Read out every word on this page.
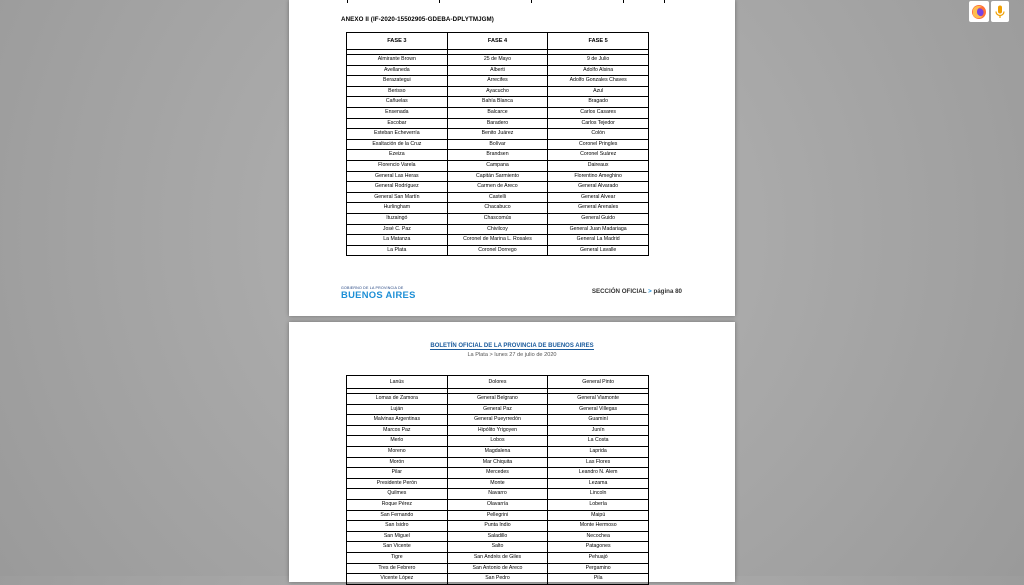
ANEXO II (IF-2020-15502905-GDEBA-DPLYTMJGM)
FASE 3	FASE 4	FASE 5

Almirante Brown	25 de Mayo	9 de Julio
Avellaneda	Alberti	Adolfo Alsina
Berazategui	Arrecifes	Adolfo Gonzales Chaves
Berisso	Ayacucho	Azul
Cañuelas	Bahía Blanca	Bragado
Ensenada	Balcarce	Carlos Casares
Escobar	Baradero	Carlos Tejedor
Esteban Echeverría	Benito Juárez	Colón
Exaltación de la Cruz	Bolívar	Coronel Pringles
Ezeiza	Brandsen	Coronel Suárez
Florencio Varela	Campana	Daireaux
General Las Heras	Capitán Sarmiento	Florentino Ameghino
General Rodríguez	Carmen de Areco	General Alvarado
General San Martín	Castelli	General Alvear
Hurlingham	Chacabuco	General Arenales
Ituzaingó	Chascomús	General Guido
José C. Paz	Chivilcoy	General Juan Madariaga
La Matanza	Coronel de Marina L. Rosales	General La Madrid
La Plata	Coronel Dorrego	General Lavalle
GOBIERNO DE LA PROVINCIA DE
BUENOS AIRES	SECCIÓN OFICIAL > página 80
BOLETÍN OFICIAL DE LA PROVINCIA DE BUENOS AIRES
La Plata > lunes 27 de julio de 2020
Lanús	Dolores	General Pinto

Lomas de Zamora	General Belgrano	General Viamonte
Luján	General Paz	General Villegas
Malvinas Argentinas	General Pueyrredón	Guaminí
Marcos Paz	Hipólito Yrigoyen	Junín
Merlo	Lobos	La Costa
Moreno	Magdalena	Laprida
Morón	Mar Chiquita	Las Flores
Pilar	Mercedes	Leandro N. Alem
Presidente Perón	Monte	Lezama
Quilmes	Navarro	Lincoln
Roque Pérez	Olavarría	Lobería
San Fernando	Pellegrini	Maipú
San Isidro	Punta Indio	Monte Hermoso
San Miguel	Saladillo	Necochea
San Vicente	Salto	Patagones
Tigre	San Andrés de Giles	Pehuajó
Tres de Febrero	San Antonio de Areco	Pergamino
Vicente López	San Pedro	Pila
